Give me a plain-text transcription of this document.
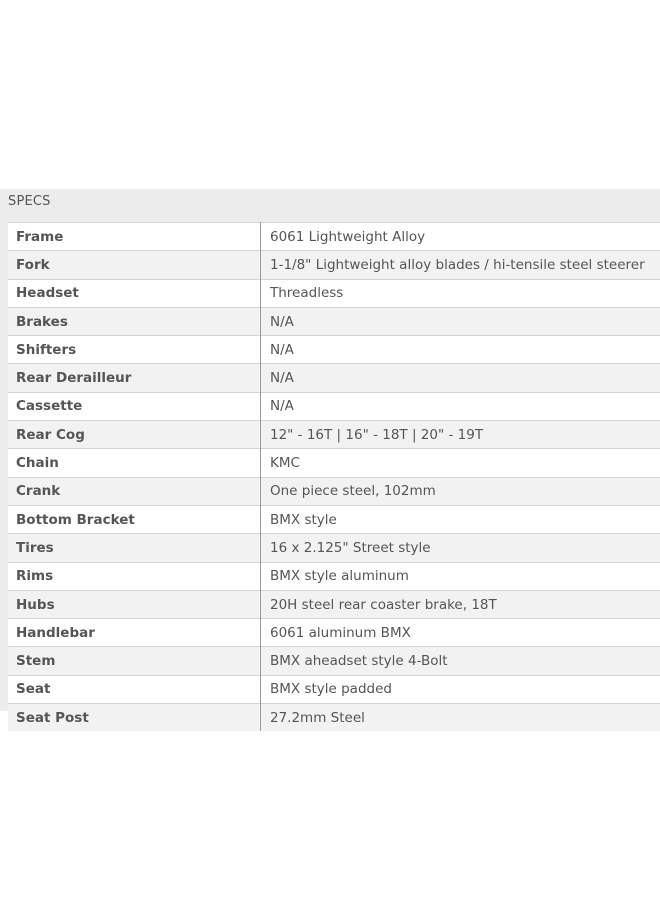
SPECS
Frame	6061 Lightweight Alloy
Fork	1-1/8" Lightweight alloy blades / hi-tensile steel steerer
Headset	Threadless
Brakes	N/A
Shifters	N/A
Rear Derailleur	N/A
Cassette	N/A
Rear Cog	12" - 16T | 16" - 18T | 20" - 19T
Chain	KMC
Crank	One piece steel, 102mm
Bottom Bracket	BMX style
Tires	16 x 2.125" Street style
Rims	BMX style aluminum
Hubs	20H steel rear coaster brake, 18T
Handlebar	6061 aluminum BMX
Stem	BMX aheadset style 4-Bolt
Seat	BMX style padded
Seat Post	27.2mm Steel
